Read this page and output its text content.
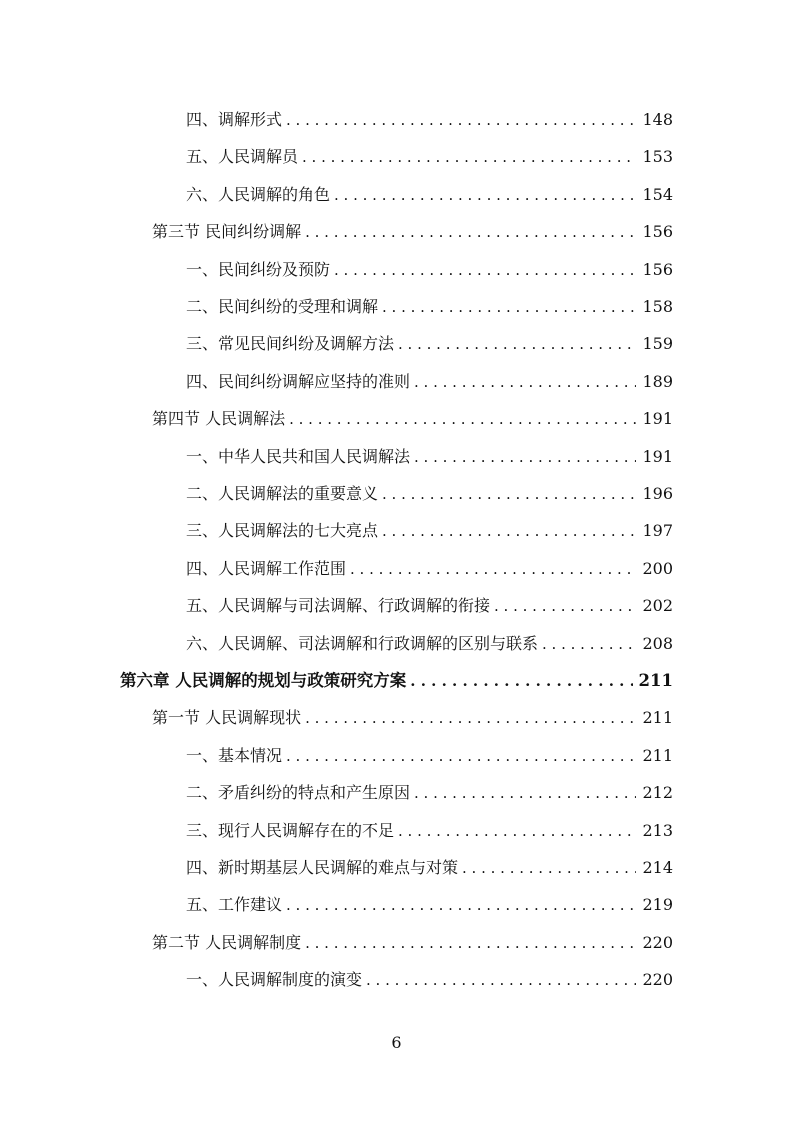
四、调解形式 . . .	148
五、人民调解员 . . .	153
六、人民调解的角色 . . .	154
第三节 民间纠纷调解 . . .	156
一、民间纠纷及预防 . . .	156
二、民间纠纷的受理和调解 . . .	158
三、常见民间纠纷及调解方法 . . .	159
四、民间纠纷调解应坚持的准则 . . .	189
第四节 人民调解法 . . .	191
一、中华人民共和国人民调解法 . . .	191
二、人民调解法的重要意义 . . .	196
三、人民调解法的七大亮点 . . .	197
四、人民调解工作范围 . . .	200
五、人民调解与司法调解、行政调解的衔接 . . .	202
六、人民调解、司法调解和行政调解的区别与联系 . . .	208
第六章 人民调解的规划与政策研究方案 . . .	211
第一节 人民调解现状 . . .	211
一、基本情况 . . .	211
二、矛盾纠纷的特点和产生原因 . . .	212
三、现行人民调解存在的不足 . . .	213
四、新时期基层人民调解的难点与对策 . . .	214
五、工作建议 . . .	219
第二节 人民调解制度 . . .	220
一、人民调解制度的演变 . . .	220
6
